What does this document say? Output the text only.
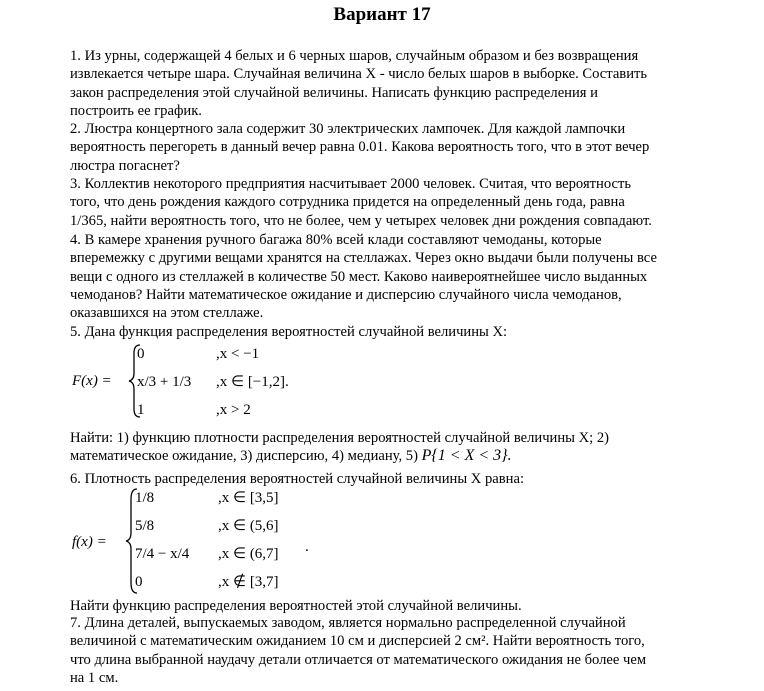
Вариант 17
1. Из урны, содержащей 4 белых и 6 черных шаров, случайным образом и без возвращения
извлекается четыре шара. Случайная величина X - число белых шаров в выборке. Составить
закон распределения этой случайной величины. Написать функцию распределения и
построить ее график.
2. Люстра концертного зала содержит 30 электрических лампочек. Для каждой лампочки
вероятность перегореть в данный вечер равна 0.01. Какова вероятность того, что в этот вечер
люстра погаснет?
3. Коллектив некоторого предприятия насчитывает 2000 человек. Считая, что вероятность
того, что день рождения каждого сотрудника придется на определенный день года, равна
1/365, найти вероятность того, что не более, чем у четырех человек дни рождения совпадают.
4. В камере хранения ручного багажа 80% всей клади составляют чемоданы, которые
вперемежку с другими вещами хранятся на стеллажах. Через окно выдачи были получены все
вещи с одного из стеллажей в количестве 50 мест. Каково наивероятнейшее число выданных
чемоданов? Найти математическое ожидание и дисперсию случайного числа чемоданов,
оказавшихся на этом стеллаже.
5. Дана функция распределения вероятностей случайной величины X:
F(x) =
0	,x < −1
x/3 + 1/3 ,x ∈ [−1,2].
1	,x > 2
Найти: 1) функцию плотности распределения вероятностей случайной величины X; 2)
математическое ожидание, 3) дисперсию, 4) медиану, 5) P{1 < X < 3}.
6. Плотность распределения вероятностей случайной величины X равна:
f(x) =
1/8	,x ∈ [3,5]
5/8	,x ∈ (5,6]
7/4 − x/4 ,x ∈ (6,7] .
0	,x ∉ [3,7]
Найти функцию распределения вероятностей этой случайной величины.
7. Длина деталей, выпускаемых заводом, является нормально распределенной случайной
величиной с математическим ожиданием 10 см и дисперсией 2 см². Найти вероятность того,
что длина выбранной наудачу детали отличается от математического ожидания не более чем
на 1 см.
